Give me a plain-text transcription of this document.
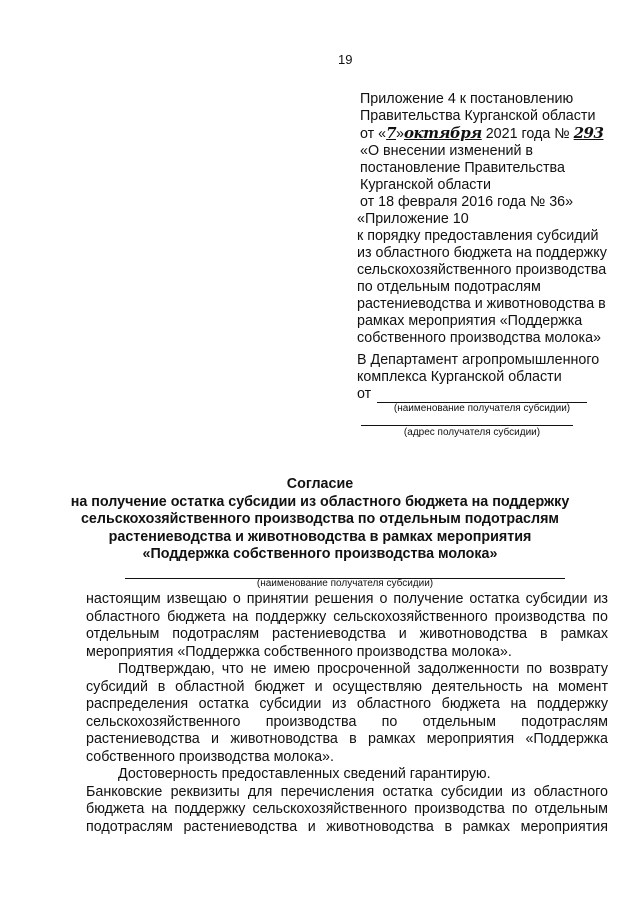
19
Приложение 4 к постановлению
Правительства Курганской области
от «7»октября 2021 года № 293
«О внесении изменений в
постановление Правительства
Курганской области
от 18 февраля 2016 года № 36»
«Приложение 10
к порядку предоставления субсидий
из областного бюджета на поддержку
сельскохозяйственного производства
по отдельным подотраслям
растениеводства и животноводства в
рамках мероприятия «Поддержка
собственного производства молока»
В Департамент агропромышленного
комплекса Курганской области
от
(наименование получателя субсидии)
(адрес получателя субсидии)
Согласие
на получение остатка субсидии из областного бюджета на поддержку
сельскохозяйственного производства по отдельным подотраслям
растениеводства и животноводства в рамках мероприятия
«Поддержка собственного производства молока»
(наименование получателя субсидии)

настоящим извещаю о принятии решения о получение остатка субсидии из областного бюджета на поддержку сельскохозяйственного производства по отдельным подотраслям растениеводства и животноводства в рамках мероприятия «Поддержка собственного производства молока».

Подтверждаю, что не имею просроченной задолженности по возврату субсидий в областной бюджет и осуществляю деятельность на момент распределения остатка субсидии из областного бюджета на поддержку сельскохозяйственного производства по отдельным подотраслям растениеводства и животноводства в рамках мероприятия «Поддержка собственного производства молока».

Достоверность предоставленных сведений гарантирую.

Банковские реквизиты для перечисления остатка субсидии из областного бюджета на поддержку сельскохозяйственного производства по отдельным подотраслям растениеводства и животноводства в рамках мероприятия
